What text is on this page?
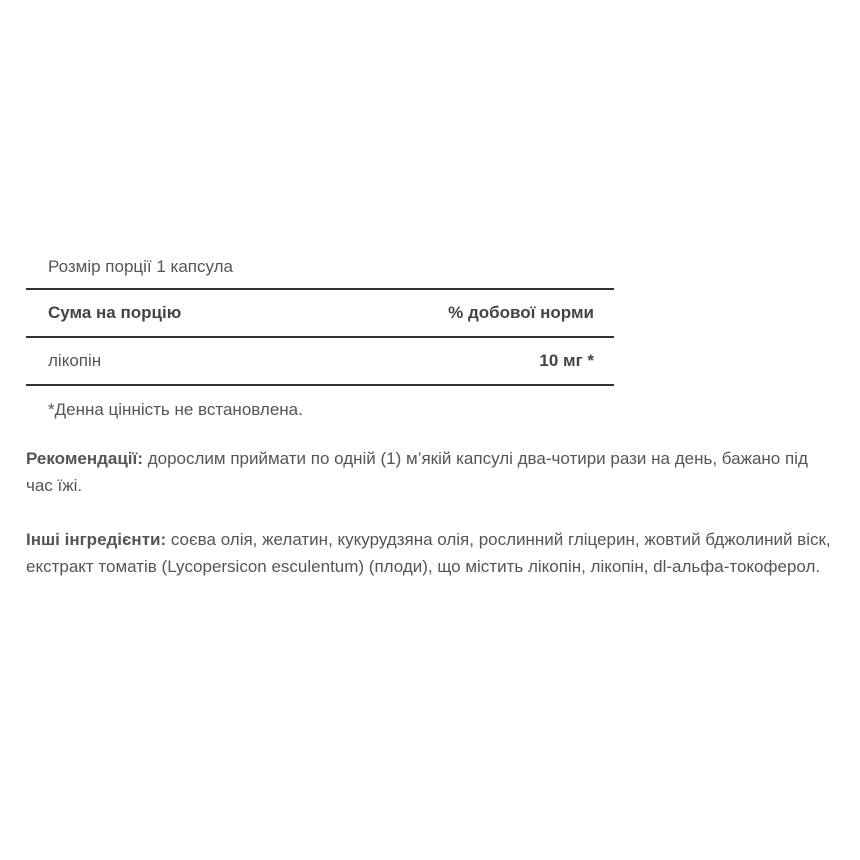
Розмір порції 1 капсула
Сума на порцію	% добової норми
лікопін	10 мг *
*Денна цінність не встановлена.
Рекомендації: дорослим приймати по одній (1) м’якій капсулі два-чотири рази на день, бажано під час їжі.
Інші інгредієнти: соєва олія, желатин, кукурудзяна олія, рослинний гліцерин, жовтий бджолиний віск, екстракт томатів (Lycopersicon esculentum) (плоди), що містить лікопін, лікопін, dl-альфа-токоферол.
